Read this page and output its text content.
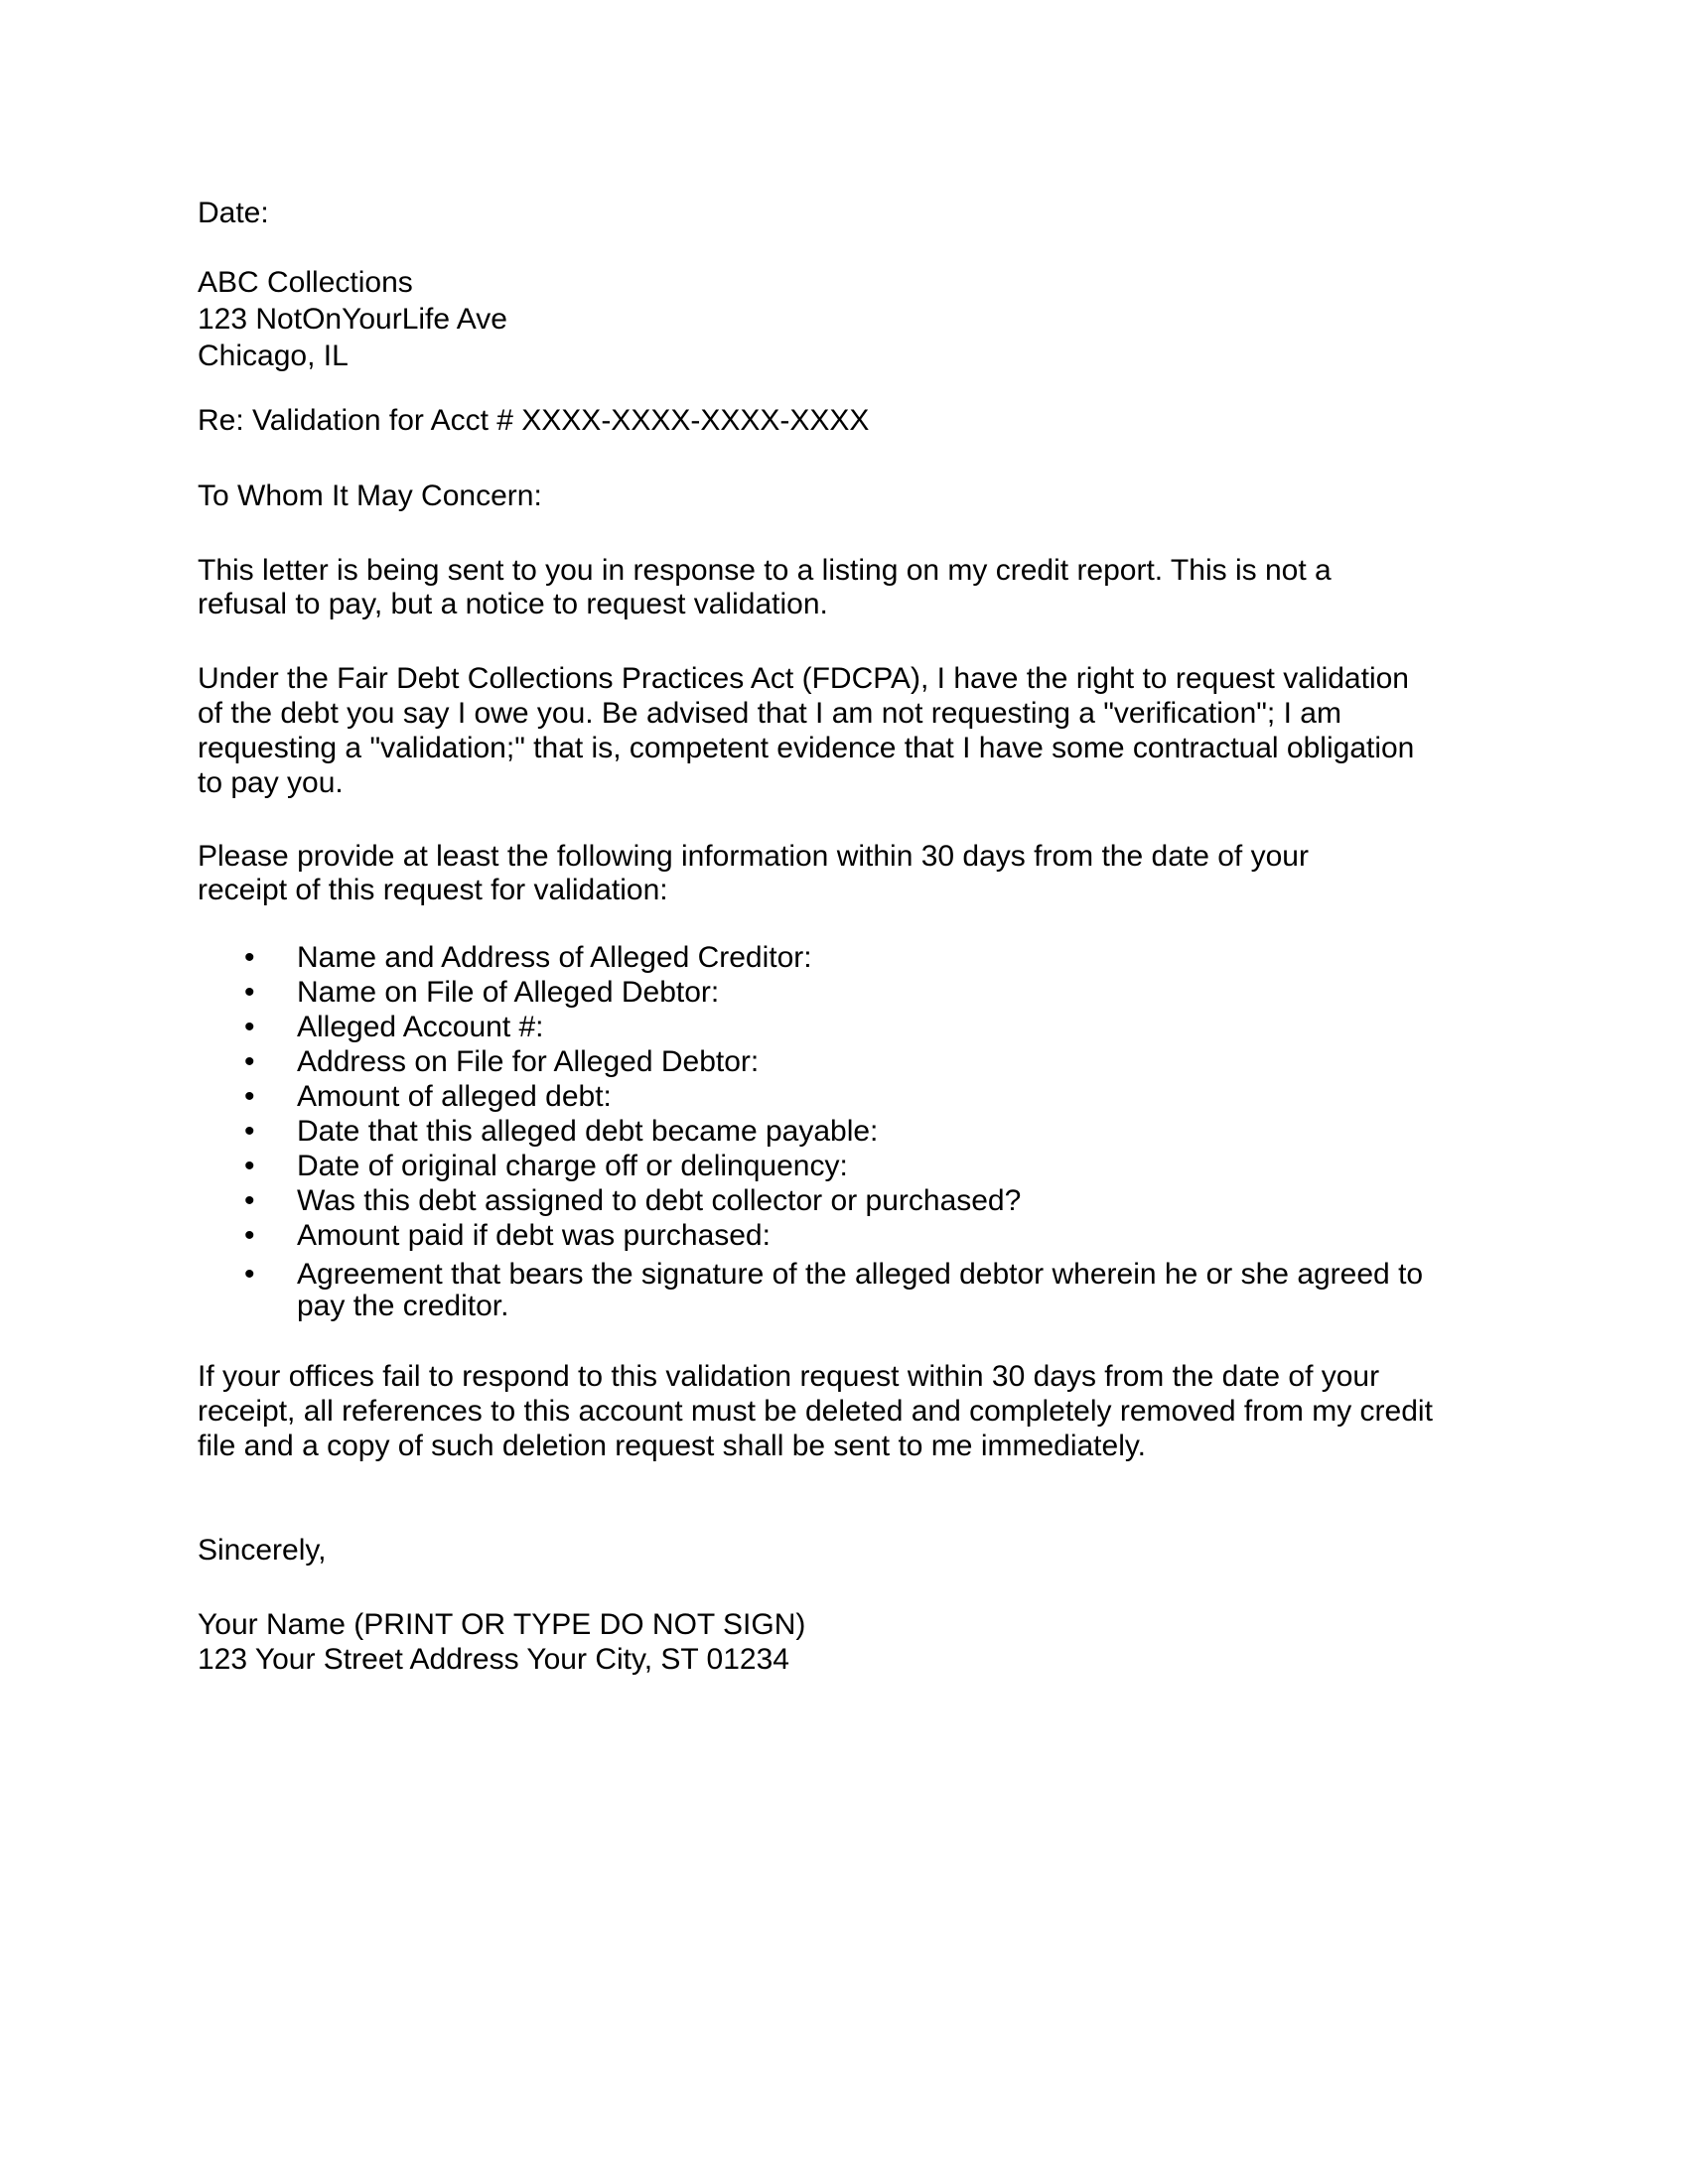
Date:
ABC Collections
123 NotOnYourLife Ave
Chicago, IL
Re: Validation for Acct # XXXX-XXXX-XXXX-XXXX
To Whom It May Concern:
This letter is being sent to you in response to a listing on my credit report. This is not a
refusal to pay, but a notice to request validation.
Under the Fair Debt Collections Practices Act (FDCPA), I have the right to request validation
of the debt you say I owe you. Be advised that I am not requesting a "verification"; I am
requesting a "validation;" that is, competent evidence that I have some contractual obligation
to pay you.
Please provide at least the following information within 30 days from the date of your
receipt of this request for validation:
• Name and Address of Alleged Creditor:
• Name on File of Alleged Debtor:
• Alleged Account #:
• Address on File for Alleged Debtor:
• Amount of alleged debt:
• Date that this alleged debt became payable:
• Date of original charge off or delinquency:
• Was this debt assigned to debt collector or purchased?
• Amount paid if debt was purchased:
• Agreement that bears the signature of the alleged debtor wherein he or she agreed to
pay the creditor.
If your offices fail to respond to this validation request within 30 days from the date of your
receipt, all references to this account must be deleted and completely removed from my credit
file and a copy of such deletion request shall be sent to me immediately.
Sincerely,
Your Name (PRINT OR TYPE DO NOT SIGN)
123 Your Street Address Your City, ST 01234
